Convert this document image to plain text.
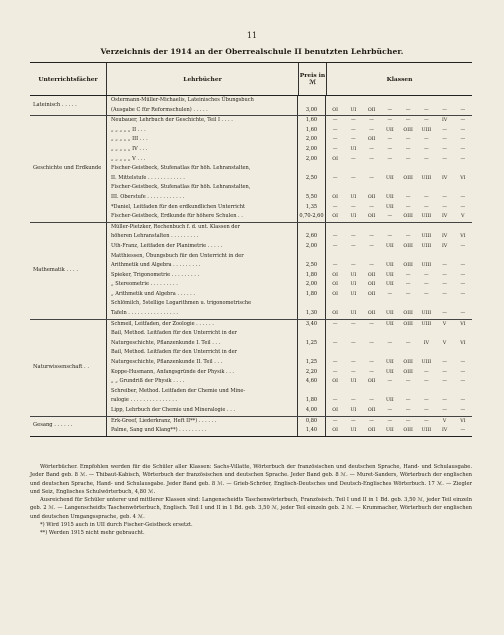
11
Verzeichnis der 1914 an der Oberrealschule II benutzten Lehrbücher.
Unterrichtsfächer	Lehrbücher	Preis in ℳ	Klassen
Lateinisch . . . . .
Ostermann-Müller-Michaelis, Lateinisches Übungsbuch
(Ausgabe C für Reformschulen) . . . . .	3,00	OI	UI	OII	—	—	—	—	—
Geschichte und Erdkunde
Neubauer, Lehrbuch der Geschichte, Teil I . . . .	1,60	—	—	—	—	—	—	IV	—
„ „ „ „ „ II . . .	1,60	—	—	—	UII	OIII	UIII	—	—
„ „ „ „ „ III . . .	2,00	—	—	OII	—	—	—	—	—
„ „ „ „ „ IV . . .	2,00	—	UI	—	—	—	—	—	—
„ „ „ „ „ V . . .	2,00	OI	—	—	—	—	—	—	—
Fischer-Geistbeck, Stufenatlas für höh. Lehranstalten,
II. Mittelstufe . . . . . . . . . . . .	2,50	—	—	—	UII	OIII	UIII	IV	VI
Fischer-Geistbeck, Stufenatlas für höh. Lehranstalten,
III. Oberstufe . . . . . . . . . . . .	5,50	OI	UI	OII	UII	—	—	—	—
*Daniel, Leitfaden für den erdkundlichen Unterricht	1,35	—	—	—	UII	—	—	—	—
Fischer-Geistbeck, Erdkunde für höhere Schulen . .	0,70-2,60	OI	UI	OII	—	OIII	UIII	IV	V
Mathematik . . . .
Müller-Pietzker, Rechenbuch f. d. unt. Klassen der
höheren Lehranstalten . . . . . . . . .	2,60	—	—	—	—	—	UIII	IV	VI
Uth-Franz, Leitfaden der Planimetrie . . . . .	2,00	—	—	—	UII	OIII	UIII	IV	—
Matthiessen, Übungsbuch für den Unterricht in der
Arithmetik und Algebra . . . . . . . . .	2,50	—	—	—	UII	OIII	UIII	—	—
Spieker, Trigonometrie . . . . . . . . .	1,80	OI	UI	OII	UII	—	—	—	—
„ Stereometrie . . . . . . . . .	2,00	OI	UI	OII	UII	—	—	—	—
„ Arithmetik und Algebra . . . . . .	1,80	OI	UI	OII	—	—	—	—	—
Schlömilch, 5stellige Logarithmen u. trigonometrische
Tafeln . . . . . . . . . . . . . . . .	1,30	OI	UI	OII	UII	OIII	UIII	—	—
Naturwissenschaft . .
Schmeil, Leitfaden, der Zoologie . . . . . .	3,40	—	—	—	UII	OIII	UIII	V	VI
Bail, Method. Leitfaden für den Unterricht in der
Naturgeschichte, Pflanzenkunde I. Teil . . .	1,25	—	—	—	—	—	IV	V	VI
Bail, Method. Leitfaden für den Unterricht in der
Naturgeschichte, Pflanzenkunde II. Teil . . .	1,25	—	—	—	UII	OIII	UIII	—	—
Koppe-Husmann, Anfangsgründe der Physik . . .	2,20	—	—	—	UII	OIII	—	—	—
„ „ Grundriß der Physik . . . .	4,60	OI	UI	OII	—	—	—	—	—
Schreiber, Method. Leitfaden der Chemie und Mine-
ralogie . . . . . . . . . . . . . . .	1,80	—	—	—	UII	—	—	—	—
Lipp, Lehrbuch der Chemie und Mineralogie . . .	4,00	OI	UI	OII	—	—	—	—	—
Gesang . . . . . .
Erk-Greef, Liederkranz, Heft II**) . . . . . .	0,80	—	—	—	—	—	—	V	VI
Palme, Sang und Klang**) . . . . . . . . .	1,40	OI	UI	OII	UII	OIII	UIII	IV	—

Wörterbücher. Empfohlen werden für die Schüler aller Klassen: Sachs-Villatte, Wörterbuch der französischen und deutschen Sprache, Hand- und Schulausgabe. Jeder Band geb. 8 ℳ. — Thibaut-Kabisch, Wörterbuch der französischen und deutschen Sprache. Jeder Band geb. 8 ℳ. — Muret-Sanders, Wörterbuch der englischen und deutschen Sprache, Hand- und Schulausgabe. Jeder Band geb. 8 ℳ. — Grieb-Schröer, Englisch-Deutsches und Deutsch-Englisches Wörterbuch. 17 ℳ. — Ziegler und Seiz, Englisches Schulwörterbuch, 4,80 ℳ.

Ausreichend für Schüler unterer und mittlerer Klassen sind: Langenscheidts Taschenwörterbuch, Französisch. Teil I und II in 1 Bd. geb. 3,50 ℳ, jeder Teil einzeln geb. 2 ℳ. — Langenscheidts Taschenwörterbuch, Englisch. Teil I und II in 1 Bd. geb. 3,50 ℳ, jeder Teil einzeln geb. 2 ℳ. — Krummacher, Wörterbuch der englischen und deutschen Umgangssprache, geb. 4 ℳ.

*) Wird 1915 auch in UII durch Fischer-Geistbeck ersetzt.

**) Werden 1915 nicht mehr gebraucht.
